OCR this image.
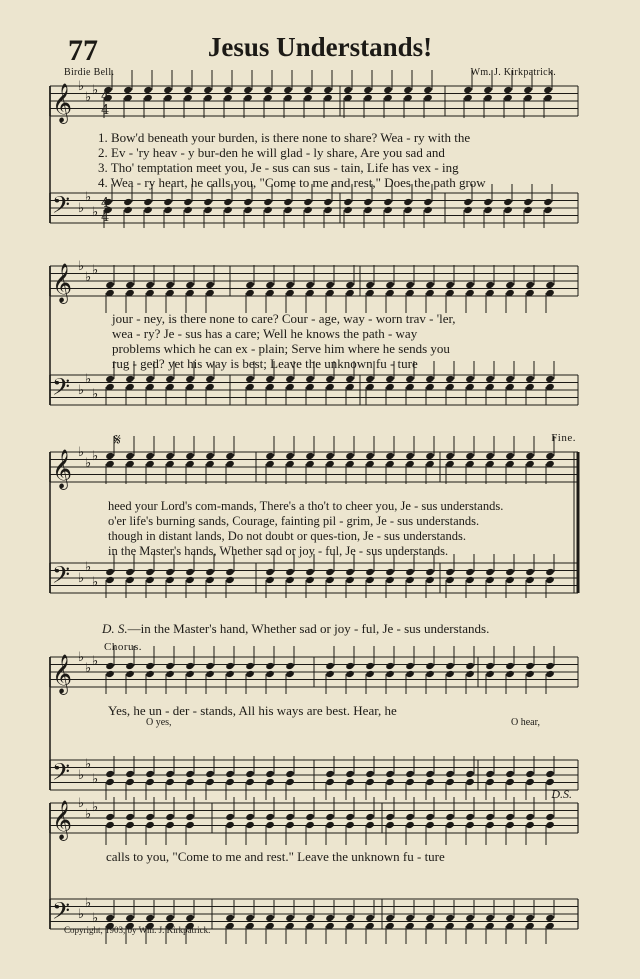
77	Jesus Understands!
Birdie Bell.	Wm. J. Kirkpatrick.
𝄞 ♭
♭ ♭
𝄢 ♭
♭
♭
4
4
4
4
𝄞 ♭
♭ ♭
𝄢 ♭
♭
♭
𝄞 ♭
♭ ♭
𝄢 ♭
♭
♭
𝄞 ♭
♭ ♭
𝄢 ♭
♭
♭
𝄞 ♭
♭ ♭
𝄢 ♭
♭
♭
1. Bow'd beneath your burden, is there none to share? Wea - ry with the
2. Ev - 'ry heav - y bur-den he will glad - ly share, Are you sad and
3. Tho' temptation meet you, Je - sus can sus - tain, Life has vex - ing
4. Wea - ry heart, he calls you, "Come to me and rest," Does the path grow
jour - ney, is there none to care? Cour - age, way - worn trav - 'ler,
wea - ry? Je - sus has a care; Well he knows the path - way
problems which he can ex - plain; Serve him where he sends you
rug - ged? yet his way is best; Leave the unknown fu - ture
heed your Lord's com-mands, There's a tho't to cheer you, Je - sus understands.
o'er life's burning sands, Courage, fainting pil - grim, Je - sus understands.
though in distant lands, Do not doubt or ques-tion, Je - sus understands.
in the Master's hands, Whether sad or joy - ful, Je - sus understands.
Fine.
𝄋
D. S.—in the Master's hand, Whether sad or joy - ful, Je - sus understands.
Chorus.
Yes, he un - der - stands, All his ways are best. Hear, he
O yes,	O hear,
calls to you, "Come to me and rest." Leave the unknown fu - ture
D.S.
Copyright, 1903, by Wm. J. Kirkpatrick.
